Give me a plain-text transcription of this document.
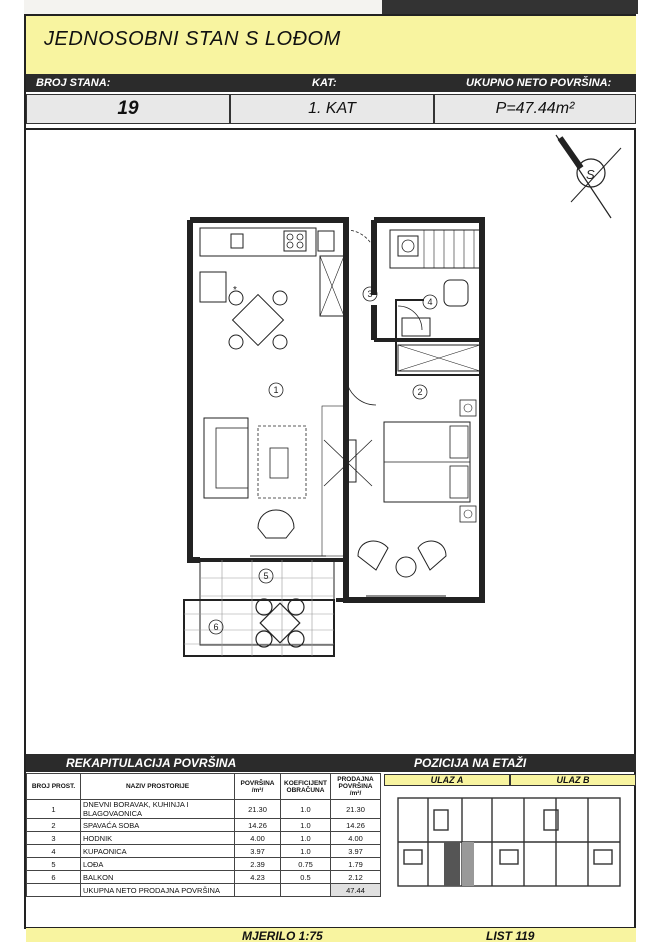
JEDNOSOBNI STAN S LOĐOM
BROJ STANA:	KAT:	UKUPNO NETO POVRŠINA:
19	1. KAT	P=47.44m²
S
1	2
3
4
5
6
*
REKAPITULACIJA POVRŠINA	POZICIJA NA ETAŽI
BROJ PROST.	NAZIV PROSTORIJE	POVRŠINA /m²/	KOEFICIJENT OBRAČUNA	PRODAJNA POVRŠINA /m²/
1	DNEVNI BORAVAK, KUHINJA I BLAGOVAONICA	21.30	1.0	21.30
2	SPAVAĆA SOBA	14.26	1.0	14.26
3	HODNIK	4.00	1.0	4.00
4	KUPAONICA	3.97	1.0	3.97
5	LOĐA	2.39	0.75	1.79
6	BALKON	4.23	0.5	2.12
	UKUPNA NETO PRODAJNA POVRŠINA			47.44
ULAZ A	ULAZ B
MJERILO 1:75	LIST 119
